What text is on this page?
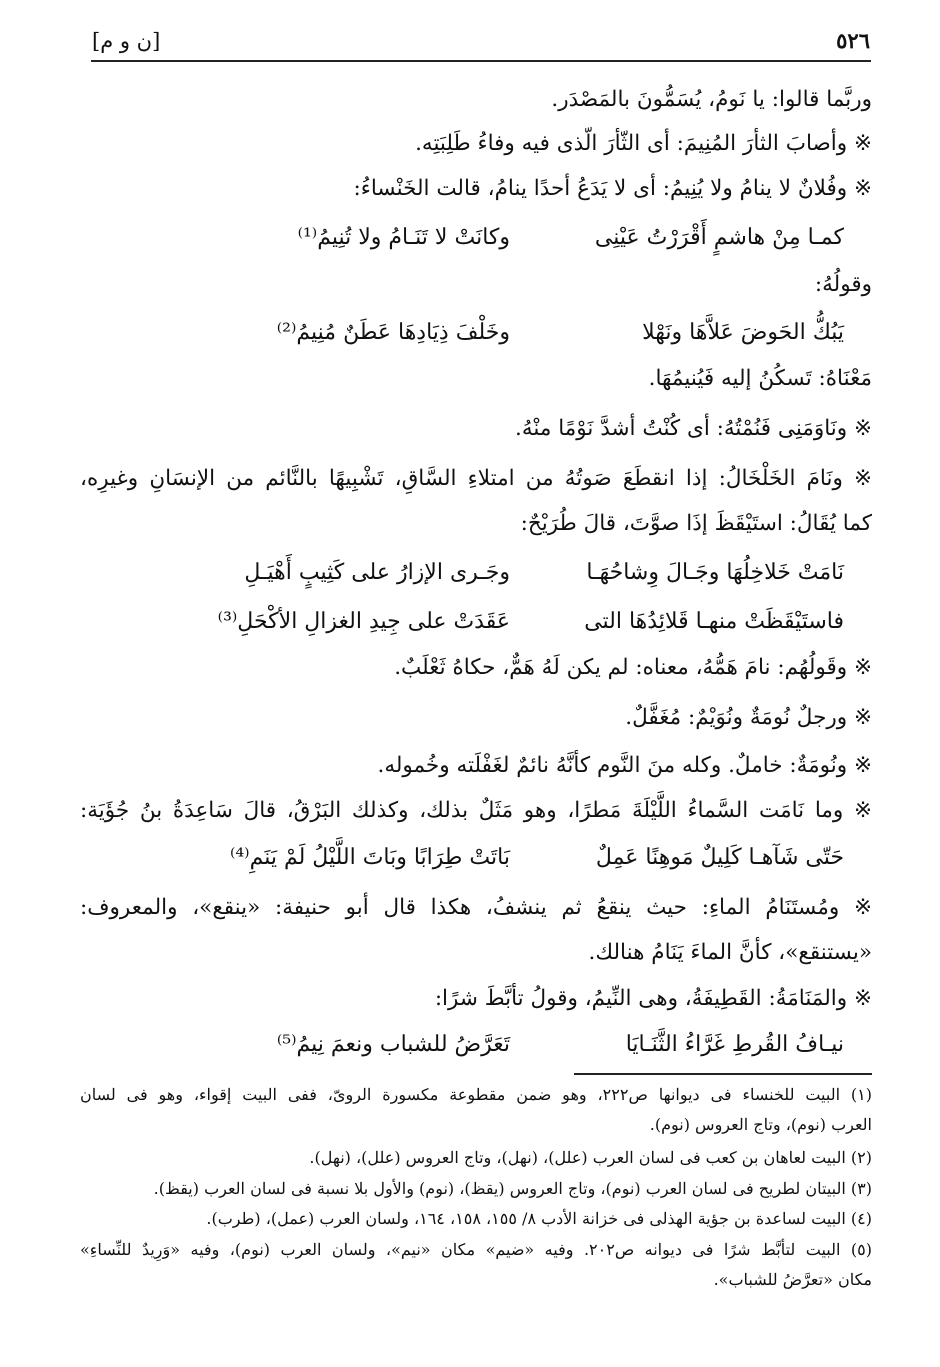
٥٢٦
[ن و م]
وربَّما قالوا: يا نَومُ، يُسَمُّونَ بالمَصْدَر.
※ وأصابَ الثأرَ المُنِيمَ: أى الثّأرَ الّذى فيه وفاءُ طَلِبَتِه.
※ وفُلانٌ لا ينامُ ولا يُنِيمُ: أى لا يَدَعُ أحدًا ينامُ، قالت الخَنْساءُ:
كمـا مِنْ هاشمٍ أَقْرَرْتُ عَيْنِى
وكانَتْ لا تَنَـامُ ولا تُنِيمُ⁽¹⁾
وقولُهُ:
يَبُكُّ الحَوضَ عَلاَّهَا ونَهْلا
وخَلْفَ ذِيَادِهَا عَطَنٌ مُنِيمُ⁽²⁾
مَعْنَاهُ: تَسكُنُ إليه فَيُنيمُهَا.
※ ونَاوَمَنِى فَنُمْتُهُ: أى كُنْتُ أشدَّ نَوْمًا منْهُ.
※ ونَامَ الخَلْخَالُ: إذا انقطَعَ صَوتُهُ من امتلاءِ السَّاقِ، تَشْبِيهًا بالنَّائم من الإنسَانِ وغيرِه،
كما يُقَالُ: استَيْقَظَ إذَا صوَّتَ، قالَ طُرَيْحٌ:
نَامَتْ خَلاخِلُهَا وجَـالَ وِشاحُهَـا
وجَـرى الإزارُ على كَثِيبٍ أَهْيَـلِ
فاستَيْقَظَتْ منهـا قَلائِدُهَا التى
عَقَدَتْ على جِيدِ الغزالِ الأكْحَلِ⁽³⁾
※ وقَولُهُم: نامَ هَمُّهُ، معناه: لم يكن لَهُ هَمٌّ، حكاهُ ثَعْلَبٌ.
※ ورجلٌ نُومَةٌ ونُوَيْمٌ: مُغَفَّلٌ.
※ ونُومَةٌ: خاملٌ. وكله منَ النَّوم كأنَّهُ نائمٌ لغَفْلَته وخُموله.
※ وما نَامَت السَّماءُ اللَّيْلَةَ مَطرًا، وهو مَثَلٌ بذلك، وكذلك البَرْقُ، قالَ سَاعِدَةُ بنُ جُؤَيَة:
حَتّى شَآهـا كَلِيلٌ مَوهِنًا عَمِلٌ
بَاتَتْ طِرَابًا وبَاتَ اللَّيْلُ لَمْ يَنَمِ⁽⁴⁾
※ ومُستَنَامُ الماءِ: حيث ينقعُ ثم ينشفُ، هكذا قال أبو حنيفة: «ينقع»، والمعروف:
«يستنقع»، كأنَّ الماءَ يَنَامُ هنالك.
※ والمَنَامَةُ: القَطِيفَةُ، وهى النِّيمُ، وقولُ تأبَّطَ شرًا:
نيـافُ القُرطِ غَرَّاءُ الثَّنَـايَا
تَعَرَّضُ للشباب ونعمَ نِيمُ⁽⁵⁾
(١) البيت للخنساء فى ديوانها ص٢٢٢، وهو ضمن مقطوعة مكسورة الروىّ، ففى البيت إقواء، وهو فى لسان
العرب (نوم)، وتاج العروس (نوم).
(٢) البيت لعاهان بن كعب فى لسان العرب (علل)، (نهل)، وتاج العروس (علل)، (نهل).
(٣) البيتان لطريح فى لسان العرب (نوم)، وتاج العروس (يقظ)، (نوم) والأول بلا نسبة فى لسان العرب (يقظ).
(٤) البيت لساعدة بن جؤية الهذلى فى خزانة الأدب ٨/ ١٥٥، ١٥٨، ١٦٤، ولسان العرب (عمل)، (طرب).
(٥) البيت لتأبَّط شرًا فى ديوانه ص٢٠٢. وفيه «ضيم» مكان «نيم»، ولسان العرب (نوم)، وفيه «وَرِيدٌ للنِّساءِ»
مكان «تعرَّضُ للشباب».
